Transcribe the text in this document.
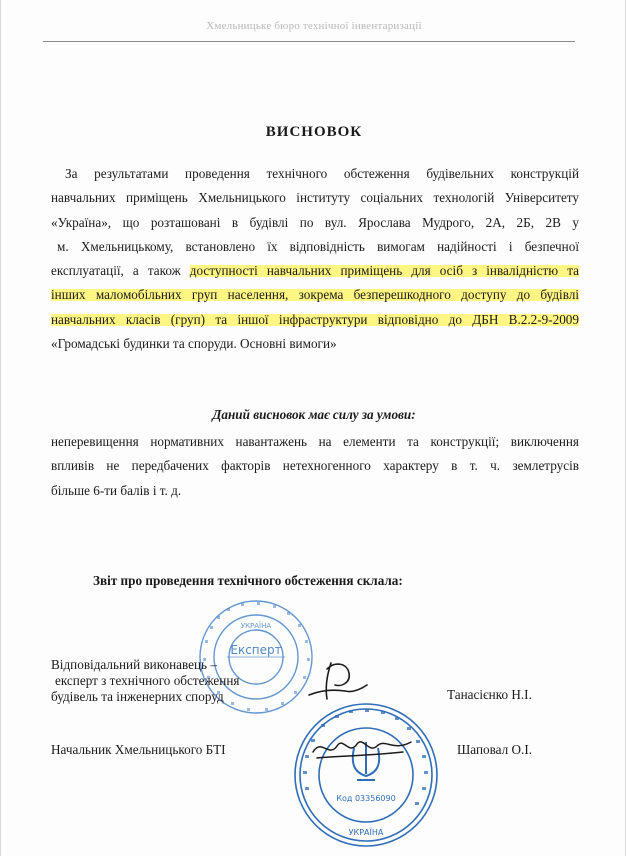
Хмельницьке бюро технічної інвентаризації
ВИСНОВОК
За результатами проведення технічного обстеження будівельних конструкцій
навчальних приміщень Хмельницького інституту соціальних технологій Університету
«Україна», що розташовані в будівлі по вул. Ярослава Мудрого, 2А, 2Б, 2В у
м. Хмельницькому, встановлено їх відповідність вимогам надійності і безпечної
експлуатації, а також доступності навчальних приміщень для осіб з інвалідністю та
інших маломобільних груп населення, зокрема безперешкодного доступу до будівлі
навчальних класів (груп) та іншої інфраструктури відповідно до ДБН В.2.2-9-2009
«Громадські будинки та споруди. Основні вимоги»
Даний висновок має силу за умови:
неперевищення нормативних навантажень на елементи та конструкції; виключення
впливів не передбачених факторів нетехногенного характеру в т. ч. землетрусів
більше 6-ти балів і т. д.
Звіт про проведення технічного обстеження склала:
УКРАЇНА
Експерт
Відповідальний виконавець –
експерт з технічного обстеження
будівель та інженерних споруд	Танасієнко Н.І.
Код 03356090
УКРАЇНА
Начальник Хмельницького БТІ	Шаповал О.І.
